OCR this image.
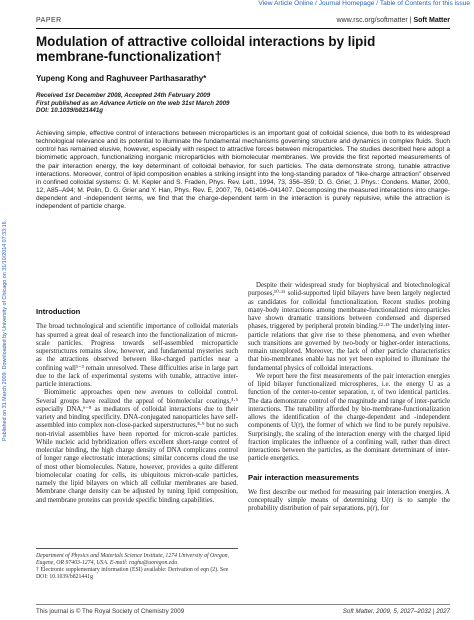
View Article Online / Journal Homepage / Table of Contents for this issue
Published on 31 March 2009. Downloaded by University of Chicago on 31/10/2014 07:33:16.
PAPER	www.rsc.org/softmatter | Soft Matter
Modulation of attractive colloidal interactions by lipid membrane-functionalization†
Yupeng Kong and Raghuveer Parthasarathy*
Received 1st December 2008, Accepted 24th February 2009
First published as an Advance Article on the web 31st March 2009
DOI: 10.1039/b821441g
Achieving simple, effective control of interactions between microparticles is an important goal of colloidal science, due both to its widespread technological relevance and its potential to illuminate the fundamental mechanisms governing structure and dynamics in complex fluids. Such control has remained elusive, however, especially with respect to attractive forces between microparticles. The studies described here adopt a biomimetic approach, functionalizing inorganic microparticles with biomolecular membranes. We provide the first reported measurements of the pair interaction energy, the key determinant of colloidal behavior, for such particles. The data demonstrate strong, tunable attractive interactions. Moreover, control of lipid composition enables a striking insight into the long-standing paradox of “like-charge attraction” observed in confined colloidal systems: G. M. Kepler and S. Fraden, Phys. Rev. Lett., 1994, 73, 356–359; D. G. Grier, J. Phys.: Condens. Matter, 2000, 12, A85–A94; M. Polin, D. G. Grier and Y. Han, Phys. Rev. E, 2007, 76, 041406–041407. Decomposing the measured interactions into charge-dependent and -independent terms, we find that the charge-dependent term in the interaction is purely repulsive, while the attraction is independent of particle charge.
Introduction

The broad technological and scientific importance of colloidal materials has spurred a great deal of research into the functionalization of micron-scale particles. Progress towards self-assembled microparticle superstructures remains slow, however, and fundamental mysteries such as the attractions observed between like-charged particles near a confining wall¹⁻³ remain unresolved. These difficulties arise in large part due to the lack of experimental systems with tunable, attractive inter-particle interactions.

Biomimetic approaches open new avenues to colloidal control. Several groups have realized the appeal of biomolecular coatings,⁴·⁵ especially DNA,⁶⁻⁸ as mediators of colloidal interactions due to their variety and binding specificity. DNA-conjugated nanoparticles have self-assembled into complex non-close-packed superstructures,⁸·⁹ but no such non-trivial assemblies have been reported for micron-scale particles. While nucleic acid hybridization offers excellent short-range control of molecular binding, the high charge density of DNA complicates control of longer range electrostatic interactions; similar concerns cloud the use of most other biomolecules. Nature, however, provides a quite different biomolecular coating for cells, its ubiquitous micron-scale particles, namely the lipid bilayers on which all cellular membranes are based. Membrane charge density can be adjusted by tuning lipid composition, and membrane proteins can provide specific binding capabilities.

Despite their widespread study for biophysical and biotechnological purposes,¹⁰·¹¹ solid-supported lipid bilayers have been largely neglected as candidates for colloidal functionalization. Recent studies probing many-body interactions among membrane-functionalized microparticles have shown dramatic transitions between condensed and dispersed phases, triggered by peripheral protein binding.¹²·¹³ The underlying inter-particle relations that give rise to these phenomena, and even whether such transitions are governed by two-body or higher-order interactions, remain unexplored. Moreover, the lack of other particle characteristics that bio-membranes enable has not yet been exploited to illuminate the fundamental physics of colloidal interactions.

We report here the first measurements of the pair interaction energies of lipid bilayer functionalized microspheres, i.e. the energy U as a function of the center-to-center separation, r, of two identical particles. The data demonstrate control of the magnitude and range of inter-particle interactions. The tunability afforded by bio-membrane-functionalization allows the identification of the charge-dependent and -independent components of U(r), the former of which we find to be purely repulsive. Surprisingly, the scaling of the interaction energy with the charged lipid fraction implicates the influence of a confining wall, rather than direct interactions between the particles, as the dominant determinant of inter-particle energetics.

Pair interaction measurements

We first describe our method for measuring pair interaction energies. A conceptually simple means of determining U(r) is to sample the probability distribution of pair separations, p(r), for

Department of Physics and Materials Science Institute, 1274 University of Oregon, Eugene, OR 97403-1274, USA. E-mail: raghu@uoregon.edu
† Electronic supplementary information (ESI) available: Derivation of eqn (2). See DOI: 10.1039/b821441g
This journal is © The Royal Society of Chemistry 2009	Soft Matter, 2009, 5, 2027–2032 | 2027
